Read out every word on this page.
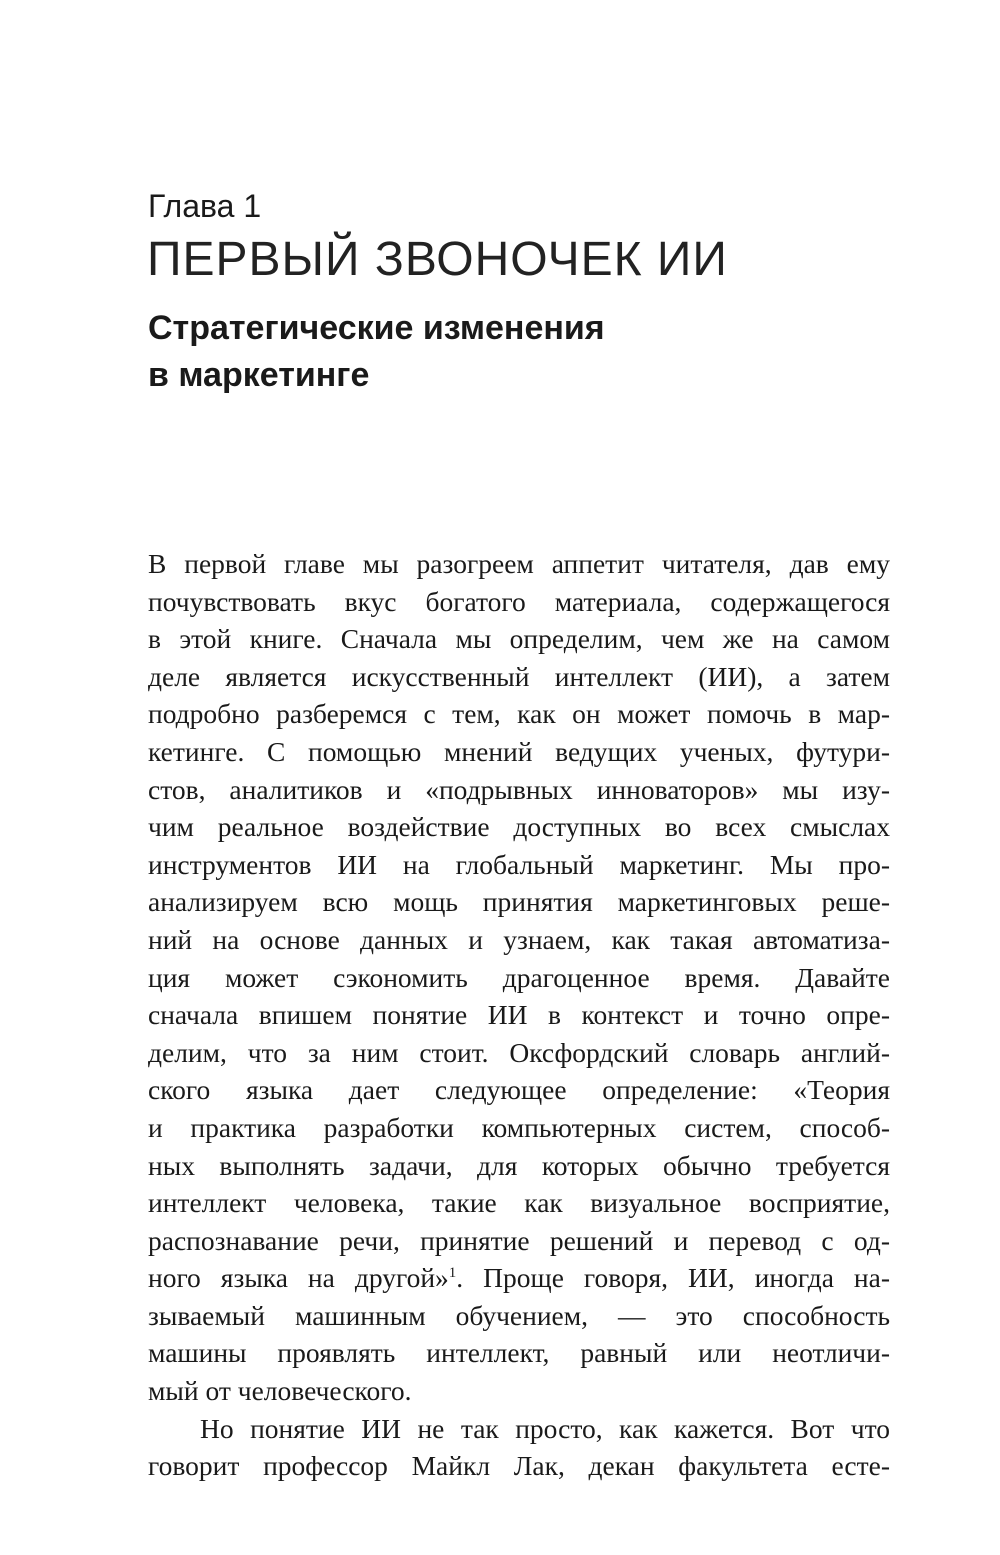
Глава 1
ПЕРВЫЙ ЗВОНОЧЕК ИИ
Стратегические изменения
в маркетинге
В первой главе мы разогреем аппетит читателя, дав ему
почувствовать вкус богатого материала, содержащегося
в этой книге. Сначала мы определим, чем же на самом
деле является искусственный интеллект (ИИ), а затем
подробно разберемся с тем, как он может помочь в мар-
кетинге. С помощью мнений ведущих ученых, футури-
стов, аналитиков и «подрывных инноваторов» мы изу-
чим реальное воздействие доступных во всех смыслах
инструментов ИИ на глобальный маркетинг. Мы про-
анализируем всю мощь принятия маркетинговых реше-
ний на основе данных и узнаем, как такая автоматиза-
ция может сэкономить драгоценное время. Давайте
сначала впишем понятие ИИ в контекст и точно опре-
делим, что за ним стоит. Оксфордский словарь англий-
ского языка дает следующее определение: «Теория
и практика разработки компьютерных систем, способ-
ных выполнять задачи, для которых обычно требуется
интеллект человека, такие как визуальное восприятие,
распознавание речи, принятие решений и перевод с од-
ного языка на другой»$^1$. Проще говоря, ИИ, иногда на-
зываемый машинным обучением, — это способность
машины проявлять интеллект, равный или неотличи-
мый от человеческого.
Но понятие ИИ не так просто, как кажется. Вот что
говорит профессор Майкл Лак, декан факультета есте-
